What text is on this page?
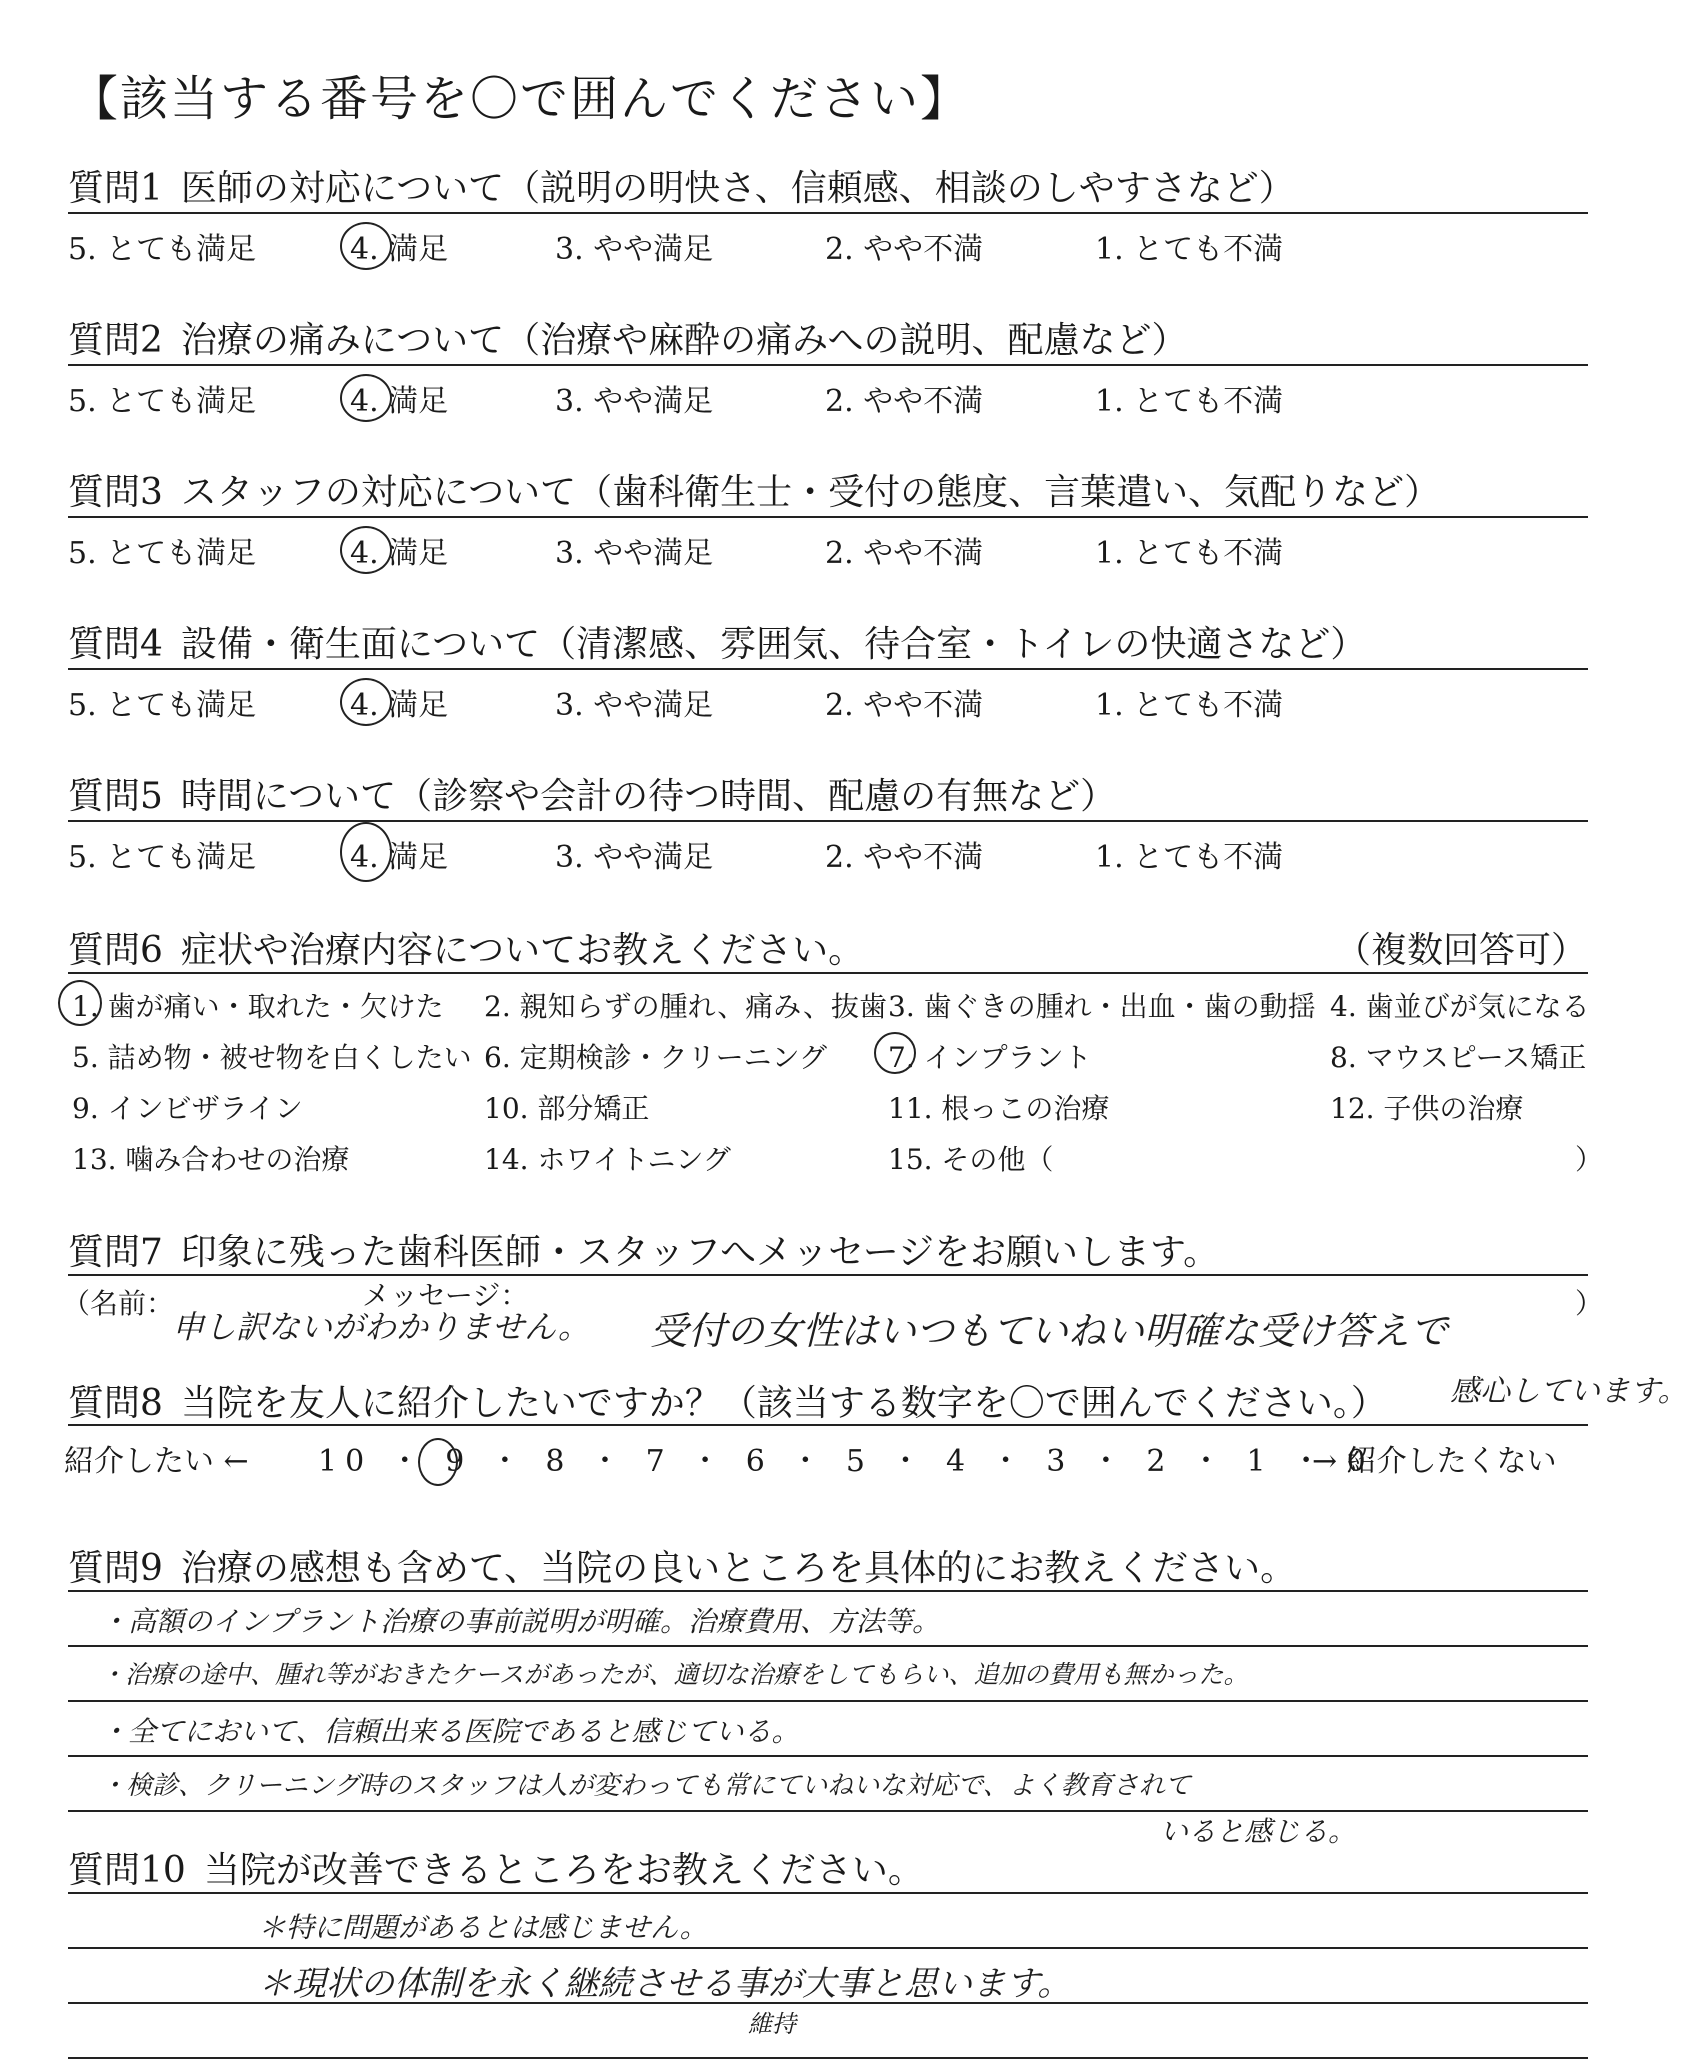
【該当する番号を〇で囲んでください】
質問1 医師の対応について（説明の明快さ、信頼感、相談のしやすさなど）
5. とても満足	4. 満足	3. やや満足	2. やや不満	1. とても不満
質問2 治療の痛みについて（治療や麻酔の痛みへの説明、配慮など）
5. とても満足	4. 満足	3. やや満足	2. やや不満	1. とても不満
質問3 スタッフの対応について（歯科衛生士・受付の態度、言葉遣い、気配りなど）
5. とても満足	4. 満足	3. やや満足	2. やや不満	1. とても不満
質問4 設備・衛生面について（清潔感、雰囲気、待合室・トイレの快適さなど）
5. とても満足	4. 満足	3. やや満足	2. やや不満	1. とても不満
質問5 時間について（診察や会計の待つ時間、配慮の有無など）
5. とても満足	4. 満足	3. やや満足	2. やや不満	1. とても不満
質問6 症状や治療内容についてお教えください。	（複数回答可）
1. 歯が痛い・取れた・欠けた 2. 親知らずの腫れ、痛み、抜歯 3. 歯ぐきの腫れ・出血・歯の動揺 4. 歯並びが気になる
5. 詰め物・被せ物を白くしたい 6. 定期検診・クリーニング 7. インプラント	8. マウスピース矯正
9. インビザライン	10. 部分矯正	11. 根っこの治療	12. 子供の治療
13. 噛み合わせの治療	14. ホワイトニング	15. その他（	）
質問7 印象に残った歯科医師・スタッフへメッセージをお願いします。
（名前：	メッセージ：	）
申し訳ないがわかりません。 受付の女性はいつもていねい明確な受け答えで
質問8 当院を友人に紹介したいですか？（該当する数字を〇で囲んでください。） 感心しています。
紹介したい ← 10 ・ 9 ・ 8 ・ 7 ・ 6 ・ 5 ・ 4 ・ 3 ・ 2 ・ 1 ・ 0
→ 紹介したくない
質問9 治療の感想も含めて、当院の良いところを具体的にお教えください。
・高額のインプラント治療の事前説明が明確。治療費用、方法等。
・治療の途中、腫れ等がおきたケースがあったが、適切な治療をしてもらい、追加の費用も無かった。
・全てにおいて、信頼出来る医院であると感じている。
・検診、クリーニング時のスタッフは人が変わっても常にていねいな対応で、よく教育されて
いると感じる。
質問10 当院が改善できるところをお教えください。
＊特に問題があるとは感じません。
＊現状の体制を永く継続させる事が大事と思います。
維持
